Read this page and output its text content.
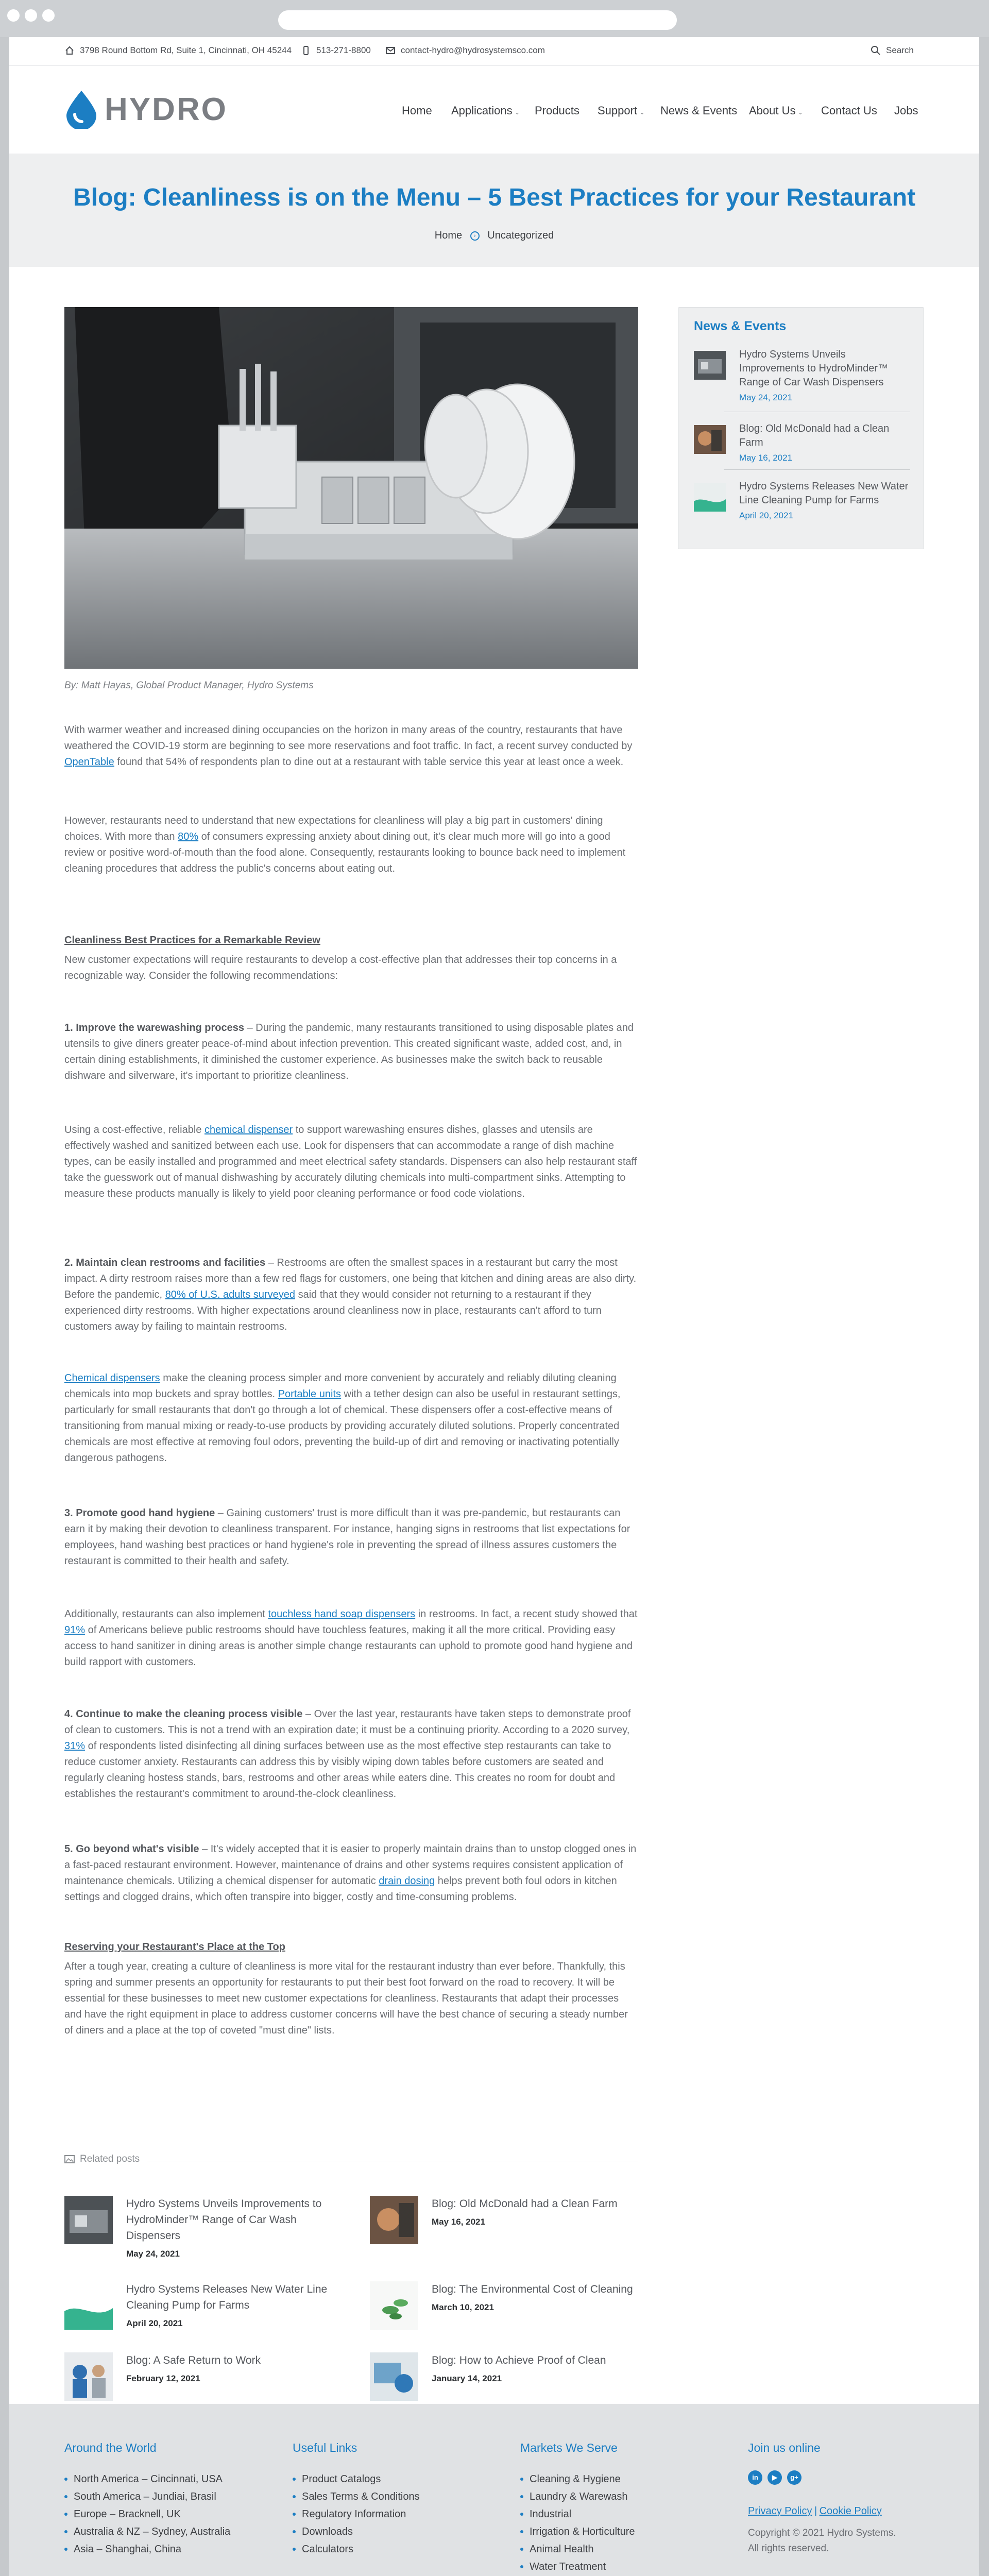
3798 Round Bottom Rd, Suite 1, Cincinnati, OH 45244	513-271-8800	contact-hydro@hydrosystemsco.com	Search
HYDRO	Home Applications ⌄ Products Support ⌄ News & Events About Us ⌄ Contact Us Jobs
Blog: Cleanliness is on the Menu – 5 Best Practices for your Restaurant
Home › Uncategorized
By: Matt Hayas, Global Product Manager, Hydro Systems

With warmer weather and increased dining occupancies on the horizon in many areas of the country, restaurants that have weathered the COVID-19 storm are beginning to see more reservations and foot traffic. In fact, a recent survey conducted by OpenTable found that 54% of respondents plan to dine out at a restaurant with table service this year at least once a week.

However, restaurants need to understand that new expectations for cleanliness will play a big part in customers' dining choices. With more than 80% of consumers expressing anxiety about dining out, it's clear much more will go into a good review or positive word-of-mouth than the food alone. Consequently, restaurants looking to bounce back need to implement cleaning procedures that address the public's concerns about eating out.

Cleanliness Best Practices for a Remarkable Review

New customer expectations will require restaurants to develop a cost-effective plan that addresses their top concerns in a recognizable way. Consider the following recommendations:

1. Improve the warewashing process – During the pandemic, many restaurants transitioned to using disposable plates and utensils to give diners greater peace-of-mind about infection prevention. This created significant waste, added cost, and, in certain dining establishments, it diminished the customer experience. As businesses make the switch back to reusable dishware and silverware, it's important to prioritize cleanliness.

Using a cost-effective, reliable chemical dispenser to support warewashing ensures dishes, glasses and utensils are effectively washed and sanitized between each use. Look for dispensers that can accommodate a range of dish machine types, can be easily installed and programmed and meet electrical safety standards. Dispensers can also help restaurant staff take the guesswork out of manual dishwashing by accurately diluting chemicals into multi-compartment sinks. Attempting to measure these products manually is likely to yield poor cleaning performance or food code violations.

2. Maintain clean restrooms and facilities – Restrooms are often the smallest spaces in a restaurant but carry the most impact. A dirty restroom raises more than a few red flags for customers, one being that kitchen and dining areas are also dirty. Before the pandemic, 80% of U.S. adults surveyed said that they would consider not returning to a restaurant if they experienced dirty restrooms. With higher expectations around cleanliness now in place, restaurants can't afford to turn customers away by failing to maintain restrooms.

Chemical dispensers make the cleaning process simpler and more convenient by accurately and reliably diluting cleaning chemicals into mop buckets and spray bottles. Portable units with a tether design can also be useful in restaurant settings, particularly for small restaurants that don't go through a lot of chemical. These dispensers offer a cost-effective means of transitioning from manual mixing or ready-to-use products by providing accurately diluted solutions. Properly concentrated chemicals are most effective at removing foul odors, preventing the build-up of dirt and removing or inactivating potentially dangerous pathogens.

3. Promote good hand hygiene – Gaining customers' trust is more difficult than it was pre-pandemic, but restaurants can earn it by making their devotion to cleanliness transparent. For instance, hanging signs in restrooms that list expectations for employees, hand washing best practices or hand hygiene's role in preventing the spread of illness assures customers the restaurant is committed to their health and safety.

Additionally, restaurants can also implement touchless hand soap dispensers in restrooms. In fact, a recent study showed that 91% of Americans believe public restrooms should have touchless features, making it all the more critical. Providing easy access to hand sanitizer in dining areas is another simple change restaurants can uphold to promote good hand hygiene and build rapport with customers.

4. Continue to make the cleaning process visible – Over the last year, restaurants have taken steps to demonstrate proof of clean to customers. This is not a trend with an expiration date; it must be a continuing priority. According to a 2020 survey, 31% of respondents listed disinfecting all dining surfaces between use as the most effective step restaurants can take to reduce customer anxiety. Restaurants can address this by visibly wiping down tables before customers are seated and regularly cleaning hostess stands, bars, restrooms and other areas while eaters dine. This creates no room for doubt and establishes the restaurant's commitment to around-the-clock cleanliness.

5. Go beyond what's visible – It's widely accepted that it is easier to properly maintain drains than to unstop clogged ones in a fast-paced restaurant environment. However, maintenance of drains and other systems requires consistent application of maintenance chemicals. Utilizing a chemical dispenser for automatic drain dosing helps prevent both foul odors in kitchen settings and clogged drains, which often transpire into bigger, costly and time-consuming problems.

Reserving your Restaurant's Place at the Top

After a tough year, creating a culture of cleanliness is more vital for the restaurant industry than ever before. Thankfully, this spring and summer presents an opportunity for restaurants to put their best foot forward on the road to recovery. It will be essential for these businesses to meet new customer expectations for cleanliness. Restaurants that adapt their processes and have the right equipment in place to address customer concerns will have the best chance of securing a steady number of diners and a place at the top of coveted "must dine" lists.

News & Events
Hydro Systems Unveils Improvements to HydroMinder™ Range of Car Wash Dispensers
May 24, 2021
Blog: Old McDonald had a Clean Farm
May 16, 2021
Hydro Systems Releases New Water Line Cleaning Pump for Farms
April 20, 2021
Related posts
Hydro Systems Unveils Improvements to HydroMinder™ Range of Car Wash Dispensers
May 24, 2021
Blog: Old McDonald had a Clean Farm
May 16, 2021
Hydro Systems Releases New Water Line Cleaning Pump for Farms
April 20, 2021
Blog: The Environmental Cost of Cleaning
March 10, 2021
Blog: A Safe Return to Work
February 12, 2021
Blog: How to Achieve Proof of Clean
January 14, 2021
Around the World
North America – Cincinnati, USA
South America – Jundiai, Brasil
Europe – Bracknell, UK
Australia & NZ – Sydney, Australia
Asia – Shanghai, China
Useful Links
Product Catalogs
Sales Terms & Conditions
Regulatory Information
Downloads
Calculators
Markets We Serve
Cleaning & Hygiene
Laundry & Warewash
Industrial
Irrigation & Horticulture
Animal Health
Water Treatment
Join us online
in	▶	g+
Privacy Policy | Cookie Policy
Copyright © 2021 Hydro Systems.
All rights reserved.
